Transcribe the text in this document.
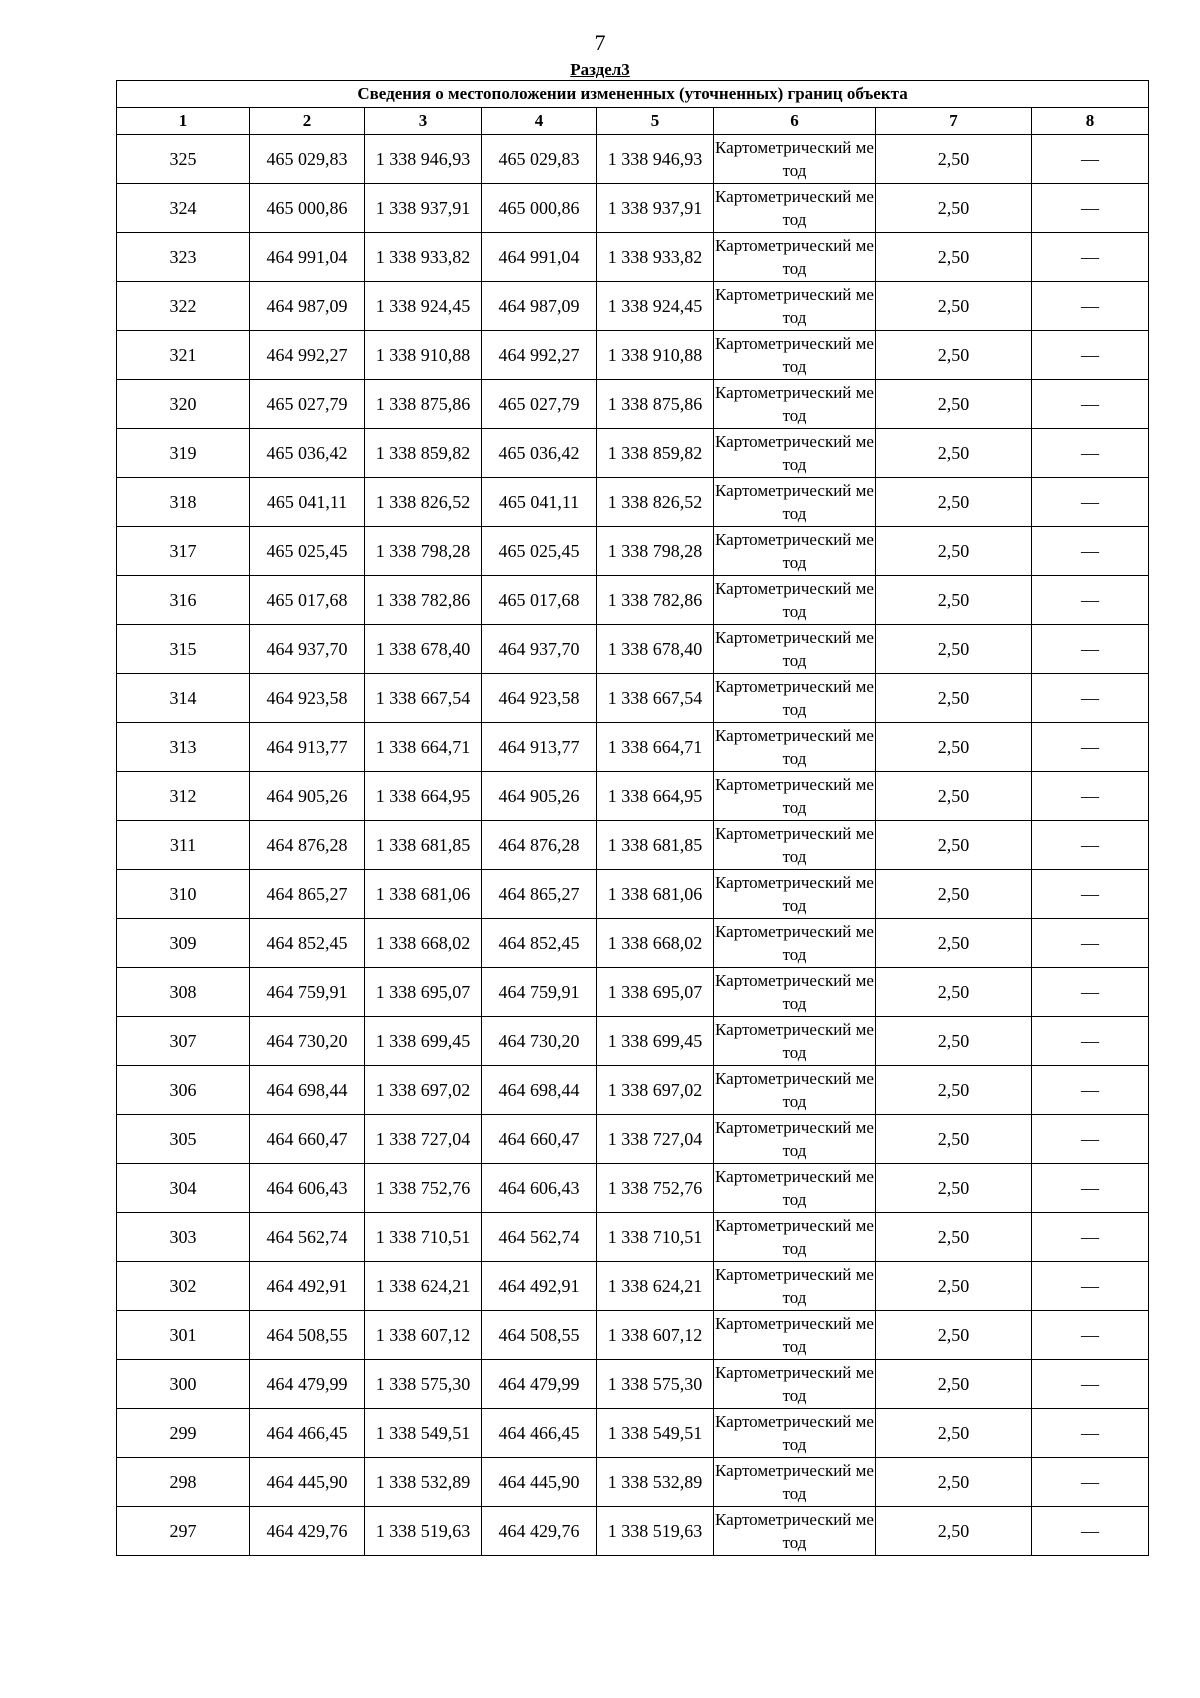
7
Раздел3
Сведения о местоположении измененных (уточненных) границ объекта							
1	2	3	4	5	6	7	8
325	465 029,83	1 338 946,93	465 029,83	1 338 946,93	Картометрический метод	2,50	—
324	465 000,86	1 338 937,91	465 000,86	1 338 937,91	Картометрический метод	2,50	—
323	464 991,04	1 338 933,82	464 991,04	1 338 933,82	Картометрический метод	2,50	—
322	464 987,09	1 338 924,45	464 987,09	1 338 924,45	Картометрический метод	2,50	—
321	464 992,27	1 338 910,88	464 992,27	1 338 910,88	Картометрический метод	2,50	—
320	465 027,79	1 338 875,86	465 027,79	1 338 875,86	Картометрический метод	2,50	—
319	465 036,42	1 338 859,82	465 036,42	1 338 859,82	Картометрический метод	2,50	—
318	465 041,11	1 338 826,52	465 041,11	1 338 826,52	Картометрический метод	2,50	—
317	465 025,45	1 338 798,28	465 025,45	1 338 798,28	Картометрический метод	2,50	—
316	465 017,68	1 338 782,86	465 017,68	1 338 782,86	Картометрический метод	2,50	—
315	464 937,70	1 338 678,40	464 937,70	1 338 678,40	Картометрический метод	2,50	—
314	464 923,58	1 338 667,54	464 923,58	1 338 667,54	Картометрический метод	2,50	—
313	464 913,77	1 338 664,71	464 913,77	1 338 664,71	Картометрический метод	2,50	—
312	464 905,26	1 338 664,95	464 905,26	1 338 664,95	Картометрический метод	2,50	—
311	464 876,28	1 338 681,85	464 876,28	1 338 681,85	Картометрический метод	2,50	—
310	464 865,27	1 338 681,06	464 865,27	1 338 681,06	Картометрический метод	2,50	—
309	464 852,45	1 338 668,02	464 852,45	1 338 668,02	Картометрический метод	2,50	—
308	464 759,91	1 338 695,07	464 759,91	1 338 695,07	Картометрический метод	2,50	—
307	464 730,20	1 338 699,45	464 730,20	1 338 699,45	Картометрический метод	2,50	—
306	464 698,44	1 338 697,02	464 698,44	1 338 697,02	Картометрический метод	2,50	—
305	464 660,47	1 338 727,04	464 660,47	1 338 727,04	Картометрический метод	2,50	—
304	464 606,43	1 338 752,76	464 606,43	1 338 752,76	Картометрический метод	2,50	—
303	464 562,74	1 338 710,51	464 562,74	1 338 710,51	Картометрический метод	2,50	—
302	464 492,91	1 338 624,21	464 492,91	1 338 624,21	Картометрический метод	2,50	—
301	464 508,55	1 338 607,12	464 508,55	1 338 607,12	Картометрический метод	2,50	—
300	464 479,99	1 338 575,30	464 479,99	1 338 575,30	Картометрический метод	2,50	—
299	464 466,45	1 338 549,51	464 466,45	1 338 549,51	Картометрический метод	2,50	—
298	464 445,90	1 338 532,89	464 445,90	1 338 532,89	Картометрический метод	2,50	—
297	464 429,76	1 338 519,63	464 429,76	1 338 519,63	Картометрический метод	2,50	—
